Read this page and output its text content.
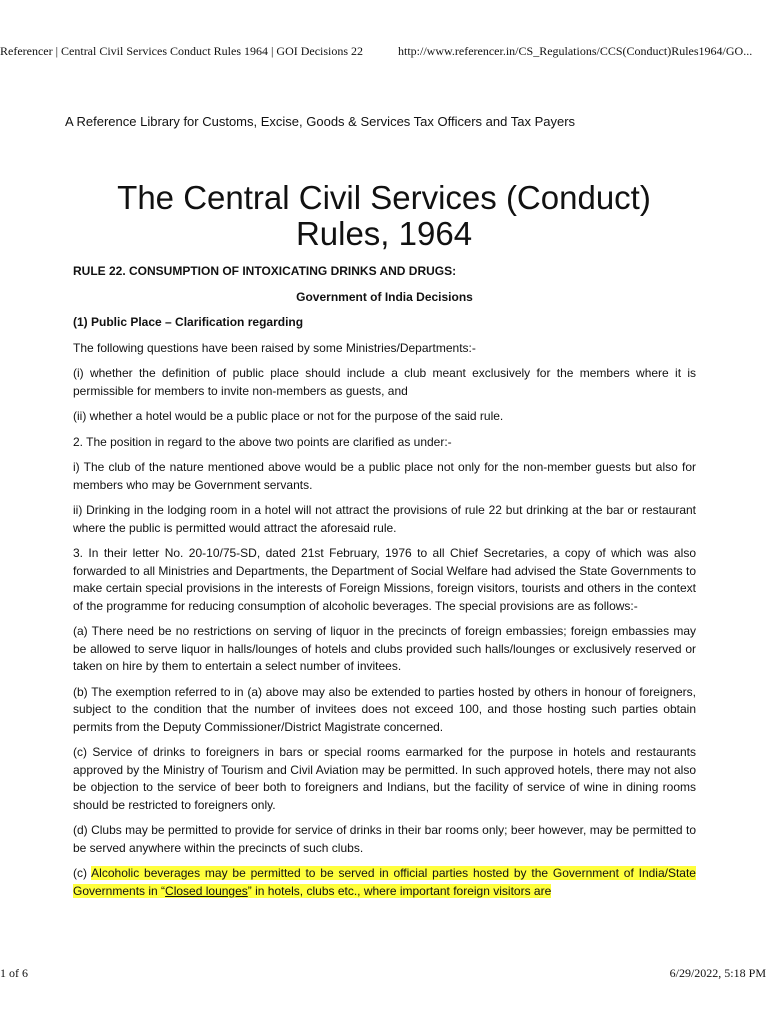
Referencer | Central Civil Services Conduct Rules 1964 | GOI Decisions 22	http://www.referencer.in/CS_Regulations/CCS(Conduct)Rules1964/GO...
A Reference Library for Customs, Excise, Goods & Services Tax Officers and Tax Payers
The Central Civil Services (Conduct) Rules, 1964

RULE 22. CONSUMPTION OF INTOXICATING DRINKS AND DRUGS:

Government of India Decisions

(1) Public Place – Clarification regarding

The following questions have been raised by some Ministries/Departments:-

(i) whether the definition of public place should include a club meant exclusively for the members where it is permissible for members to invite non-members as guests, and

(ii) whether a hotel would be a public place or not for the purpose of the said rule.

2. The position in regard to the above two points are clarified as under:-

i) The club of the nature mentioned above would be a public place not only for the non-member guests but also for members who may be Government servants.

ii) Drinking in the lodging room in a hotel will not attract the provisions of rule 22 but drinking at the bar or restaurant where the public is permitted would attract the aforesaid rule.

3. In their letter No. 20-10/75-SD, dated 21st February, 1976 to all Chief Secretaries, a copy of which was also forwarded to all Ministries and Departments, the Department of Social Welfare had advised the State Governments to make certain special provisions in the interests of Foreign Missions, foreign visitors, tourists and others in the context of the programme for reducing consumption of alcoholic beverages. The special provisions are as follows:-

(a) There need be no restrictions on serving of liquor in the precincts of foreign embassies; foreign embassies may be allowed to serve liquor in halls/lounges of hotels and clubs provided such halls/lounges or exclusively reserved or taken on hire by them to entertain a select number of invitees.

(b) The exemption referred to in (a) above may also be extended to parties hosted by others in honour of foreigners, subject to the condition that the number of invitees does not exceed 100, and those hosting such parties obtain permits from the Deputy Commissioner/District Magistrate concerned.

(c) Service of drinks to foreigners in bars or special rooms earmarked for the purpose in hotels and restaurants approved by the Ministry of Tourism and Civil Aviation may be permitted. In such approved hotels, there may not also be objection to the service of beer both to foreigners and Indians, but the facility of service of wine in dining rooms should be restricted to foreigners only.

(d) Clubs may be permitted to provide for service of drinks in their bar rooms only; beer however, may be permitted to be served anywhere within the precincts of such clubs.

(c) Alcoholic beverages may be permitted to be served in official parties hosted by the Government of India/State Governments in “Closed lounges” in hotels, clubs etc., where important foreign visitors are

1 of 6	6/29/2022, 5:18 PM
